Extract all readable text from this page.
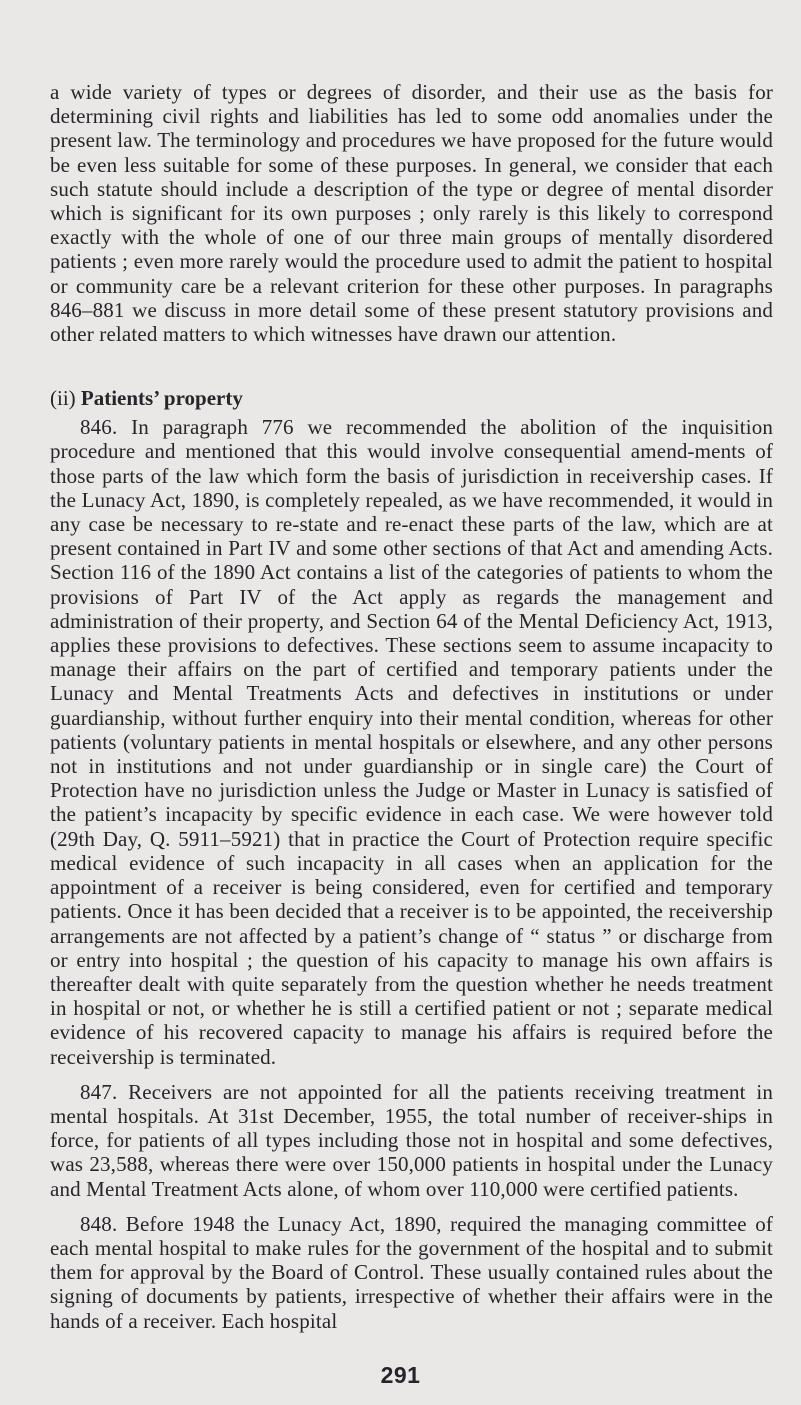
a wide variety of types or degrees of disorder, and their use as the basis for determining civil rights and liabilities has led to some odd anomalies under the present law. The terminology and procedures we have proposed for the future would be even less suitable for some of these purposes. In general, we consider that each such statute should include a description of the type or degree of mental disorder which is significant for its own purposes ; only rarely is this likely to correspond exactly with the whole of one of our three main groups of mentally disordered patients ; even more rarely would the procedure used to admit the patient to hospital or community care be a relevant criterion for these other purposes. In paragraphs 846–881 we discuss in more detail some of these present statutory provisions and other related matters to which witnesses have drawn our attention.

(ii) Patients’ property

846. In paragraph 776 we recommended the abolition of the inquisition procedure and mentioned that this would involve consequential amend-ments of those parts of the law which form the basis of jurisdiction in receivership cases. If the Lunacy Act, 1890, is completely repealed, as we have recommended, it would in any case be necessary to re-state and re-enact these parts of the law, which are at present contained in Part IV and some other sections of that Act and amending Acts. Section 116 of the 1890 Act contains a list of the categories of patients to whom the provisions of Part IV of the Act apply as regards the management and administration of their property, and Section 64 of the Mental Deficiency Act, 1913, applies these provisions to defectives. These sections seem to assume incapacity to manage their affairs on the part of certified and temporary patients under the Lunacy and Mental Treatments Acts and defectives in institutions or under guardianship, without further enquiry into their mental condition, whereas for other patients (voluntary patients in mental hospitals or elsewhere, and any other persons not in institutions and not under guardianship or in single care) the Court of Protection have no jurisdiction unless the Judge or Master in Lunacy is satisfied of the patient’s incapacity by specific evidence in each case. We were however told (29th Day, Q. 5911–5921) that in practice the Court of Protection require specific medical evidence of such incapacity in all cases when an application for the appointment of a receiver is being considered, even for certified and temporary patients. Once it has been decided that a receiver is to be appointed, the receivership arrangements are not affected by a patient’s change of “ status ” or discharge from or entry into hospital ; the question of his capacity to manage his own affairs is thereafter dealt with quite separately from the question whether he needs treatment in hospital or not, or whether he is still a certified patient or not ; separate medical evidence of his recovered capacity to manage his affairs is required before the receivership is terminated.

847. Receivers are not appointed for all the patients receiving treatment in mental hospitals. At 31st December, 1955, the total number of receiver-ships in force, for patients of all types including those not in hospital and some defectives, was 23,588, whereas there were over 150,000 patients in hospital under the Lunacy and Mental Treatment Acts alone, of whom over 110,000 were certified patients.

848. Before 1948 the Lunacy Act, 1890, required the managing committee of each mental hospital to make rules for the government of the hospital and to submit them for approval by the Board of Control. These usually contained rules about the signing of documents by patients, irrespective of whether their affairs were in the hands of a receiver. Each hospital

291
